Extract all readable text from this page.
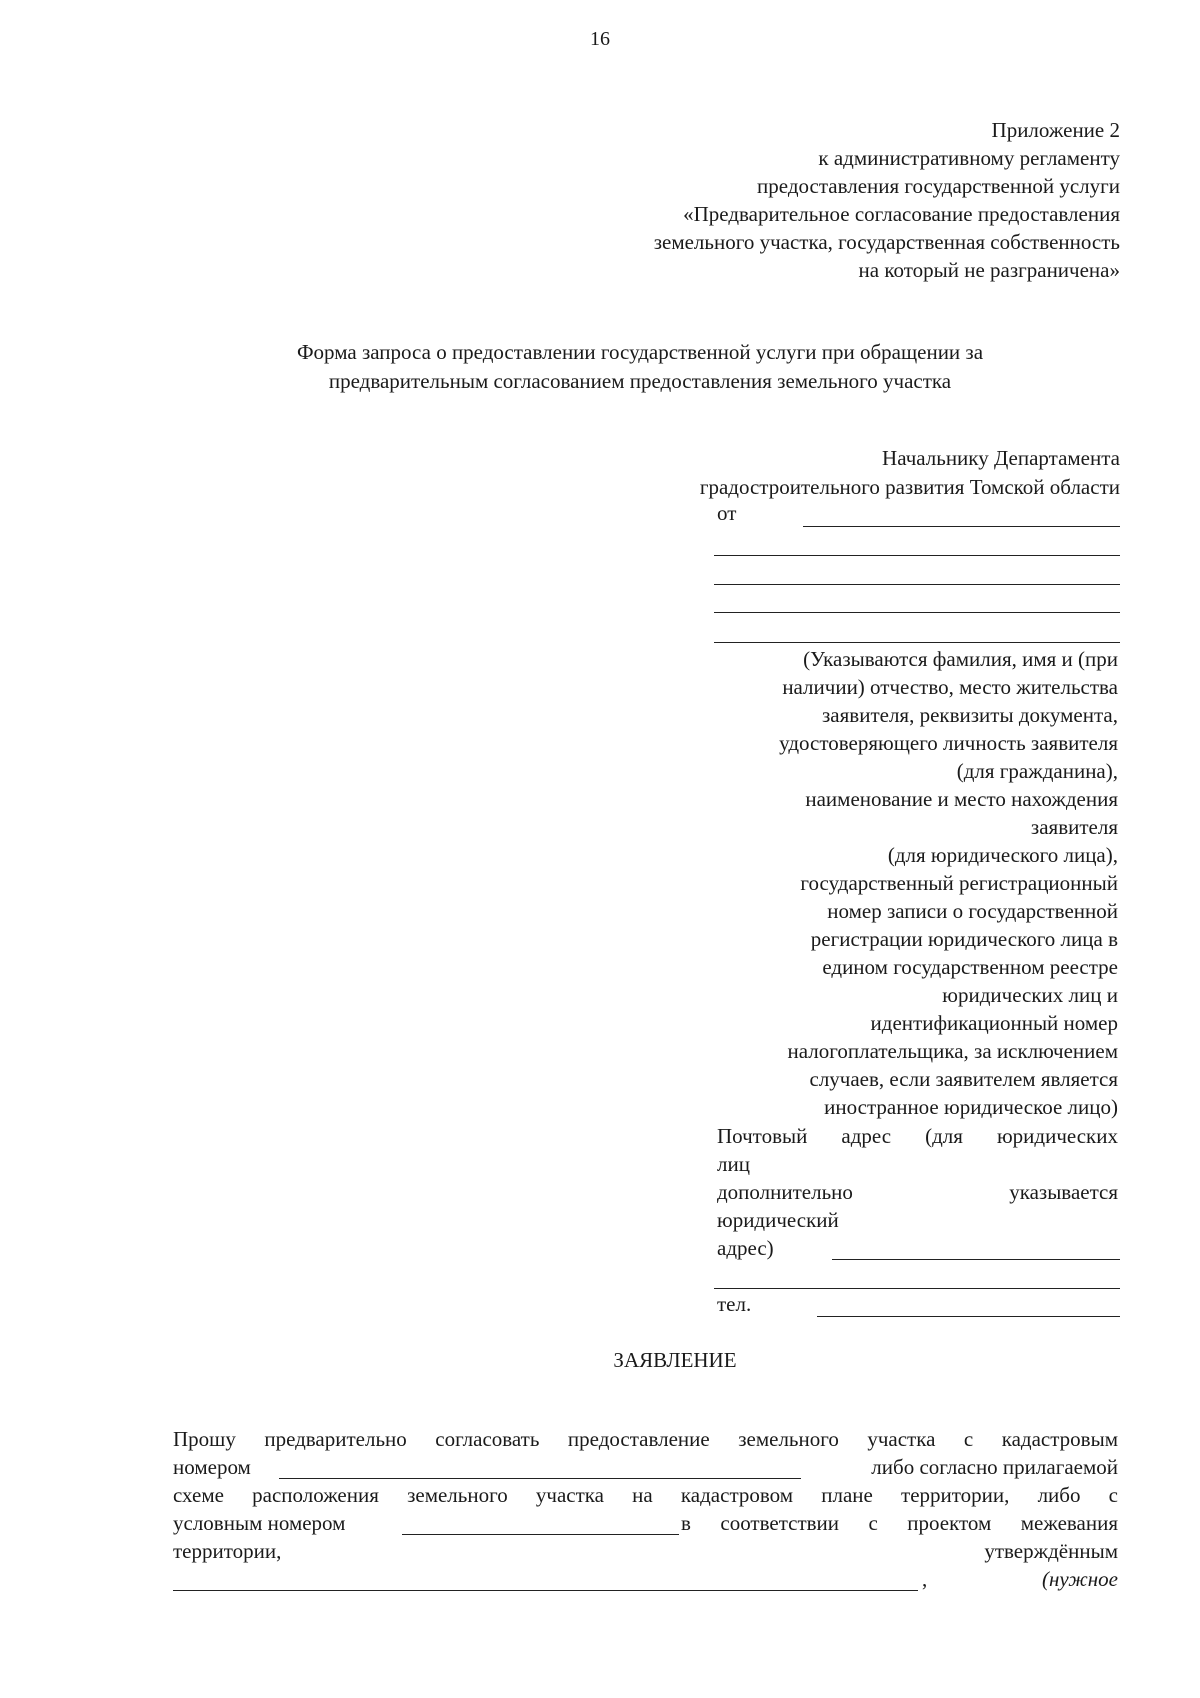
16
Приложение 2
к административному регламенту
предоставления государственной услуги
«Предварительное согласование предоставления
земельного участка, государственная собственность
на который не разграничена»
Форма запроса о предоставлении государственной услуги при обращении за
предварительным согласованием предоставления земельного участка
Начальнику Департамента
градостроительного развития Томской области
от
(Указываются фамилия, имя и (при
наличии) отчество, место жительства
заявителя, реквизиты документа,
удостоверяющего личность заявителя
(для гражданина),
наименование и место нахождения
заявителя
(для юридического лица),
государственный регистрационный
номер записи о государственной
регистрации юридического лица в
едином государственном реестре
юридических лиц и
идентификационный номер
налогоплательщика, за исключением
случаев, если заявителем является
иностранное юридическое лицо)
Почтовый адрес (для юридических
лиц
дополнительно указывается
юридический
адрес)
тел.
ЗАЯВЛЕНИЕ
Прошу предварительно согласовать предоставление земельного участка с кадастровым
номером	либо согласно прилагаемой
схеме расположения земельного участка на кадастровом плане территории, либо с
условным номером	в соответствии с проектом межевания
территории,	утверждённым
,	(нужное
